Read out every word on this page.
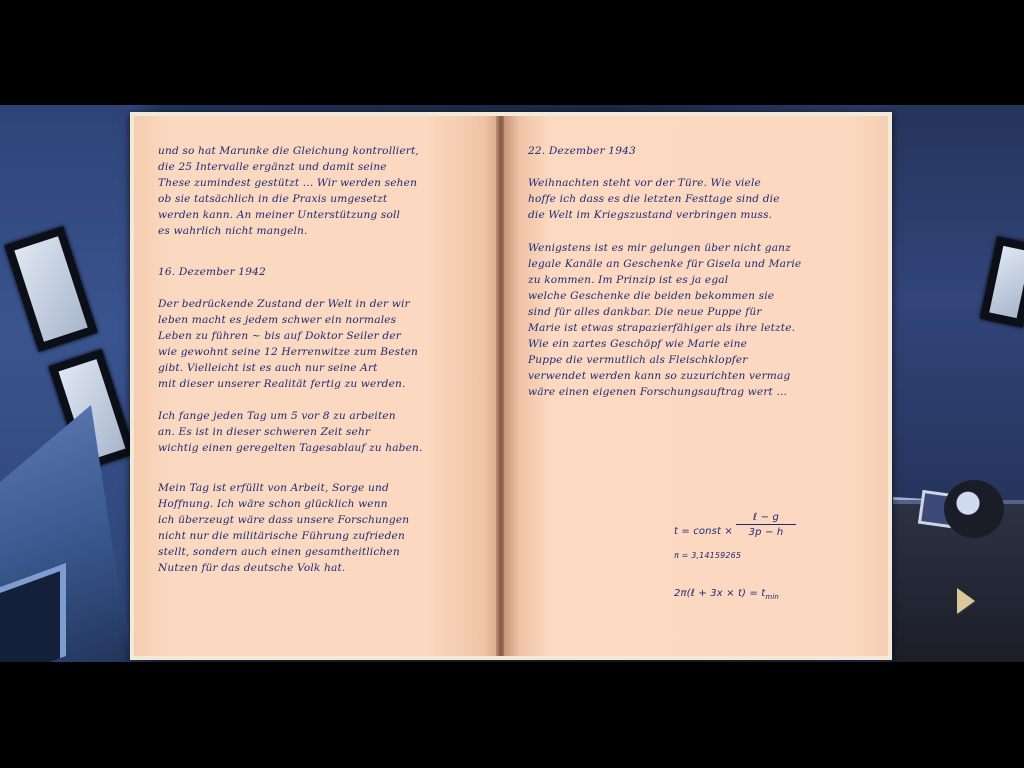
und so hat Marunke die Gleichung kontrolliert,
die 25 Intervalle ergänzt und damit seine
These zumindest gestützt ... Wir werden sehen
ob sie tatsächlich in die Praxis umgesetzt
werden kann. An meiner Unterstützung soll
es wahrlich nicht mangeln.
16. Dezember 1942
Der bedrückende Zustand der Welt in der wir
leben macht es jedem schwer ein normales
Leben zu führen ~ bis auf Doktor Seiler der
wie gewohnt seine 12 Herrenwitze zum Besten
gibt. Vielleicht ist es auch nur seine Art
mit dieser unserer Realität fertig zu werden.
Ich fange jeden Tag um 5 vor 8 zu arbeiten
an. Es ist in dieser schweren Zeit sehr
wichtig einen geregelten Tagesablauf zu haben.
Mein Tag ist erfüllt von Arbeit, Sorge und
Hoffnung. Ich wäre schon glücklich wenn
ich überzeugt wäre dass unsere Forschungen
nicht nur die militärische Führung zufrieden
stellt, sondern auch einen gesamtheitlichen
Nutzen für das deutsche Volk hat.
22. Dezember 1943
Weihnachten steht vor der Türe. Wie viele
hoffe ich dass es die letzten Festtage sind die
die Welt im Kriegszustand verbringen muss.
Wenigstens ist es mir gelungen über nicht ganz
legale Kanäle an Geschenke für Gisela und Marie
zu kommen. Im Prinzip ist es ja egal
welche Geschenke die beiden bekommen sie
sind für alles dankbar. Die neue Puppe für
Marie ist etwas strapazierfähiger als ihre letzte.
Wie ein zartes Geschöpf wie Marie eine
Puppe die vermutlich als Fleischklopfer
verwendet werden kann so zuzurichten vermag
wäre einen eigenen Forschungsauftrag wert ...
t = const ×
ℓ − g
3p − h
π = 3,14159265
2π(ℓ + $3x \times t) = t_{min}$
